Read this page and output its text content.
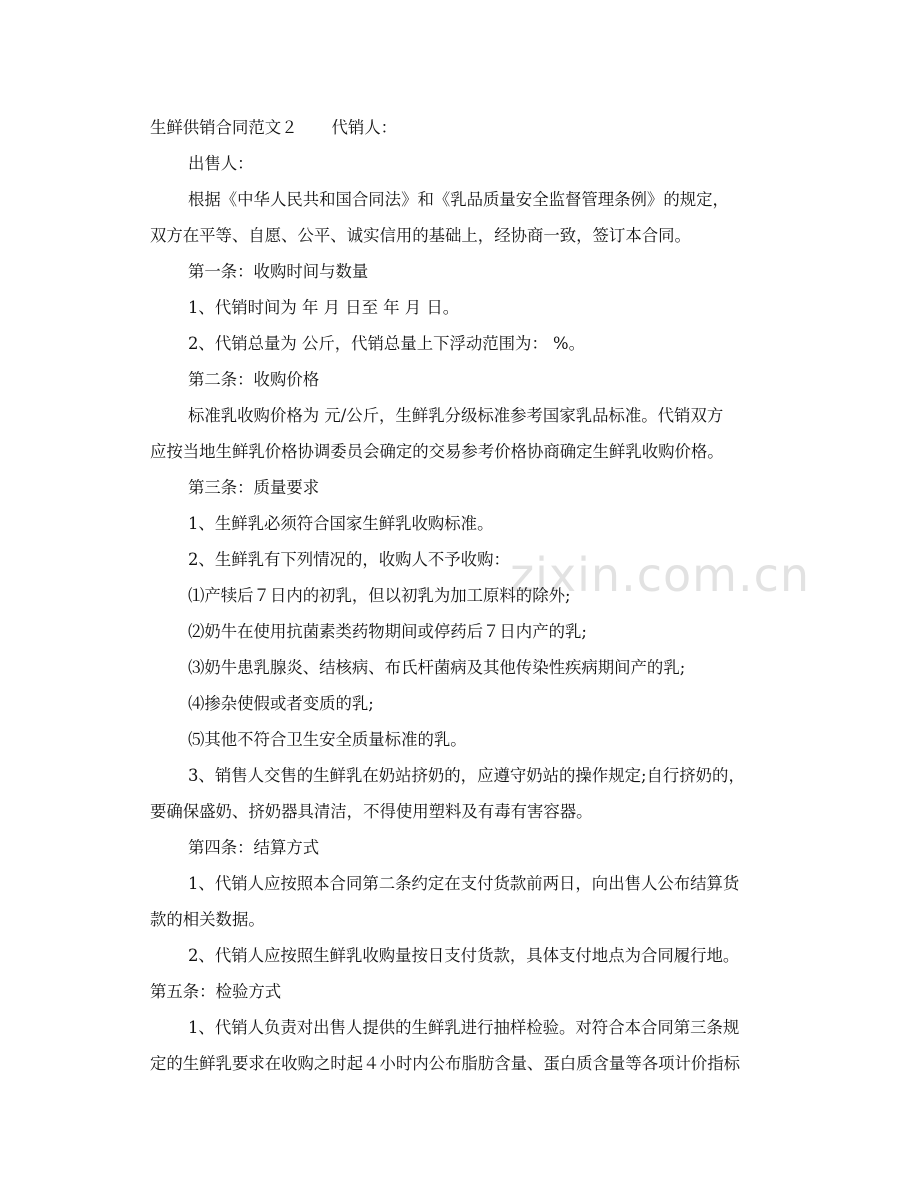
zixin.com.cn
生鲜供销合同范文２ 代销人：
出售人：
根据《中华人民共和国合同法》和《乳品质量安全监督管理条例》的规定，
双方在平等、自愿、公平、诚实信用的基础上，经协商一致，签订本合同。
第一条：收购时间与数量
1、代销时间为 年 月 日至 年 月 日。
2、代销总量为 公斤，代销总量上下浮动范围为： %。
第二条：收购价格
标准乳收购价格为 元/公斤，生鲜乳分级标准参考国家乳品标准。代销双方
应按当地生鲜乳价格协调委员会确定的交易参考价格协商确定生鲜乳收购价格。
第三条：质量要求
1、生鲜乳必须符合国家生鲜乳收购标准。
2、生鲜乳有下列情况的，收购人不予收购：
⑴产犊后７日内的初乳，但以初乳为加工原料的除外;
⑵奶牛在使用抗菌素类药物期间或停药后７日内产的乳;
⑶奶牛患乳腺炎、结核病、布氏杆菌病及其他传染性疾病期间产的乳;
⑷掺杂使假或者变质的乳;
⑸其他不符合卫生安全质量标准的乳。
3、销售人交售的生鲜乳在奶站挤奶的，应遵守奶站的操作规定;自行挤奶的，
要确保盛奶、挤奶器具清洁，不得使用塑料及有毒有害容器。
第四条：结算方式
1、代销人应按照本合同第二条约定在支付货款前两日，向出售人公布结算货
款的相关数据。
2、代销人应按照生鲜乳收购量按日支付货款，具体支付地点为合同履行地。
第五条：检验方式
1、代销人负责对出售人提供的生鲜乳进行抽样检验。对符合本合同第三条规
定的生鲜乳要求在收购之时起４小时内公布脂肪含量、蛋白质含量等各项计价指标
